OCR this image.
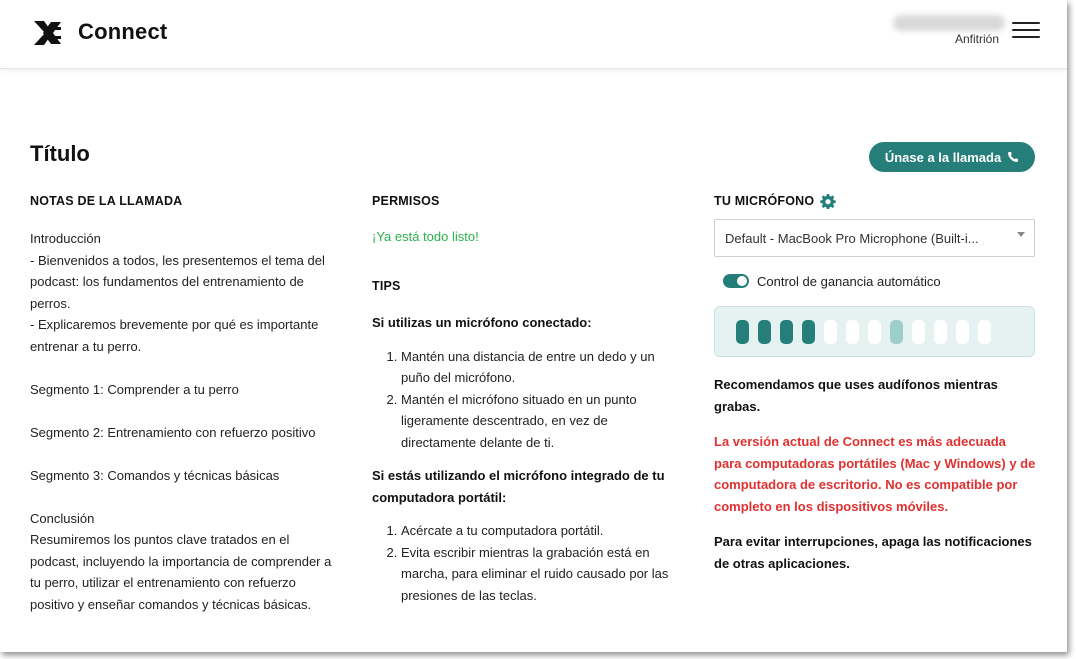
Connect	Anfitrión
Título	Únase a la llamada
NOTAS DE LA LLAMADA

Introducción

- Bienvenidos a todos, les presentemos el tema del podcast: los fundamentos del entrenamiento de perros.

- Explicaremos brevemente por qué es importante entrenar a tu perro.

Segmento 1: Comprender a tu perro

Segmento 2: Entrenamiento con refuerzo positivo

Segmento 3: Comandos y técnicas básicas

Conclusión

Resumiremos los puntos clave tratados en el podcast, incluyendo la importancia de comprender a tu perro, utilizar el entrenamiento con refuerzo positivo y enseñar comandos y técnicas básicas.

PERMISOS
¡Ya está todo listo!
TIPS
Si utilizas un micrófono conectado:
1. Mantén una distancia de entre un dedo y un puño del micrófono.
2. Mantén el micrófono situado en un punto ligeramente descentrado, en vez de directamente delante de ti.
Si estás utilizando el micrófono integrado de tu computadora portátil:
1. Acércate a tu computadora portátil.
2. Evita escribir mientras la grabación está en marcha, para eliminar el ruido causado por las presiones de las teclas.
TU MICRÓFONO
Default - MacBook Pro Microphone (Built-i...
Control de ganancia automático
Recomendamos que uses audífonos mientras grabas.
La versión actual de Connect es más adecuada para computadoras portátiles (Mac y Windows) y de computadora de escritorio. No es compatible por completo en los dispositivos móviles.
Para evitar interrupciones, apaga las notificaciones de otras aplicaciones.
